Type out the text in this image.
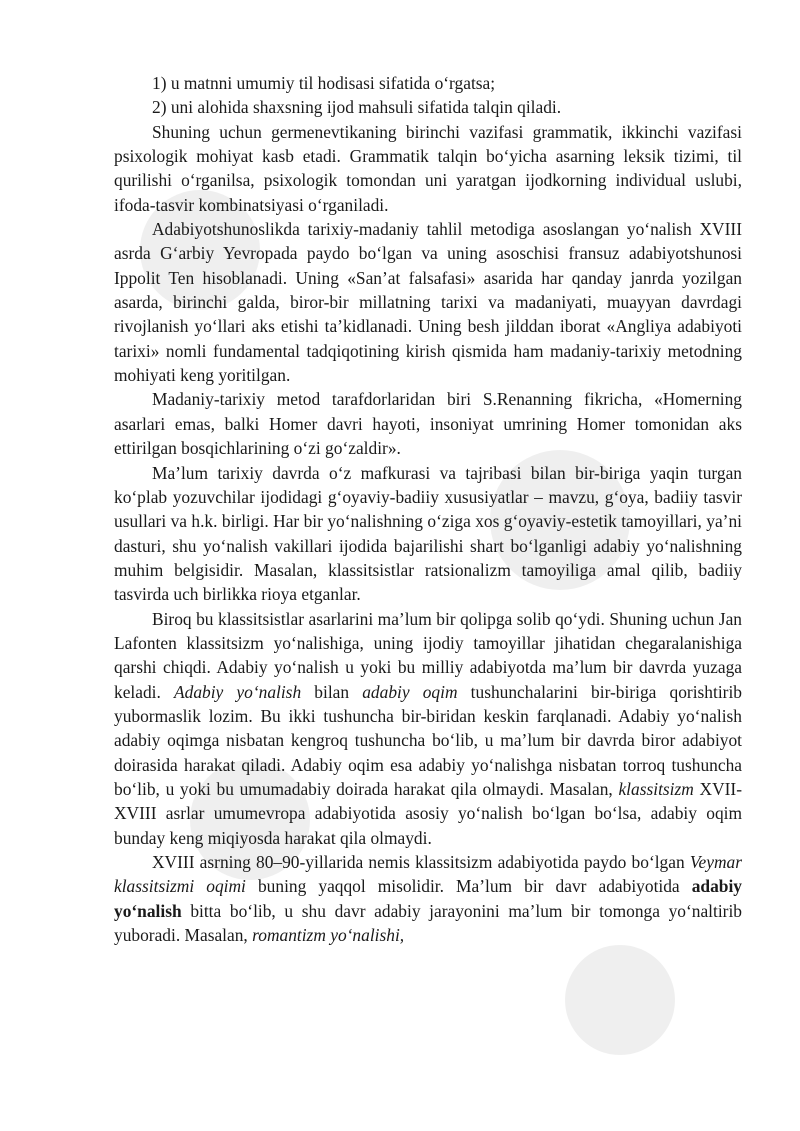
1) u matnni umumiy til hodisasi sifatida o‘rgatsa;

2) uni alohida shaxsning ijod mahsuli sifatida talqin qiladi.

Shuning uchun germenevtikaning birinchi vazifasi grammatik, ikkinchi vazifasi psixologik mohiyat kasb etadi. Grammatik talqin bo‘yicha asarning leksik tizimi, til qurilishi o‘rganilsa, psixologik tomondan uni yaratgan ijodkorning individual uslubi, ifoda-tasvir kombinatsiyasi o‘rganiladi.

Adabiyotshunoslikda tarixiy-madaniy tahlil metodiga asoslangan yo‘nalish XVIII asrda G‘arbiy Yevropada paydo bo‘lgan va uning asoschisi fransuz adabiyotshunosi Ippolit Ten hisoblanadi. Uning «San’at falsafasi» asarida har qanday janrda yozilgan asarda, birinchi galda, biror-bir millatning tarixi va madaniyati, muayyan davrdagi rivojlanish yo‘llari aks etishi ta’kidlanadi. Uning besh jilddan iborat «Angliya adabiyoti tarixi» nomli fundamental tadqiqotining kirish qismida ham madaniy-tarixiy metodning mohiyati keng yoritilgan.

Madaniy-tarixiy metod tarafdorlaridan biri S.Renanning fikricha, «Homerning asarlari emas, balki Homer davri hayoti, insoniyat umrining Homer tomonidan aks ettirilgan bosqichlarining o‘zi go‘zaldir».

Ma’lum tarixiy davrda o‘z mafkurasi va tajribasi bilan bir-biriga yaqin turgan ko‘plab yozuvchilar ijodidagi g‘oyaviy-badiiy xususiyatlar – mavzu, g‘oya, badiiy tasvir usullari va h.k. birligi. Har bir yo‘nalishning o‘ziga xos g‘oyaviy-estetik tamoyillari, ya’ni dasturi, shu yo‘nalish vakillari ijodida bajarilishi shart bo‘lganligi adabiy yo‘nalishning muhim belgisidir. Masalan, klassitsistlar ratsionalizm tamoyiliga amal qilib, badiiy tasvirda uch birlikka rioya etganlar.

Biroq bu klassitsistlar asarlarini ma’lum bir qolipga solib qo‘ydi. Shuning uchun Jan Lafonten klassitsizm yo‘nalishiga, uning ijodiy tamoyillar jihatidan chegaralanishiga qarshi chiqdi. Adabiy yo‘nalish u yoki bu milliy adabiyotda ma’lum bir davrda yuzaga keladi. Adabiy yo‘nalish bilan adabiy oqim tushunchalarini bir-biriga qorishtirib yubormaslik lozim. Bu ikki tushuncha bir-biridan keskin farqlanadi. Adabiy yo‘nalish adabiy oqimga nisbatan kengroq tushuncha bo‘lib, u ma’lum bir davrda biror adabiyot doirasida harakat qiladi. Adabiy oqim esa adabiy yo‘nalishga nisbatan torroq tushuncha bo‘lib, u yoki bu umumadabiy doirada harakat qila olmaydi. Masalan, klassitsizm XVII-XVIII asrlar umumevropa adabiyotida asosiy yo‘nalish bo‘lgan bo‘lsa, adabiy oqim bunday keng miqiyosda harakat qila olmaydi.

XVIII asrning 80–90-yillarida nemis klassitsizm adabiyotida paydo bo‘lgan Veymar klassitsizmi oqimi buning yaqqol misolidir. Ma’lum bir davr adabiyotida adabiy yo‘nalish bitta bo‘lib, u shu davr adabiy jarayonini ma’lum bir tomonga yo‘naltirib yuboradi. Masalan, romantizm yo‘nalishi,
